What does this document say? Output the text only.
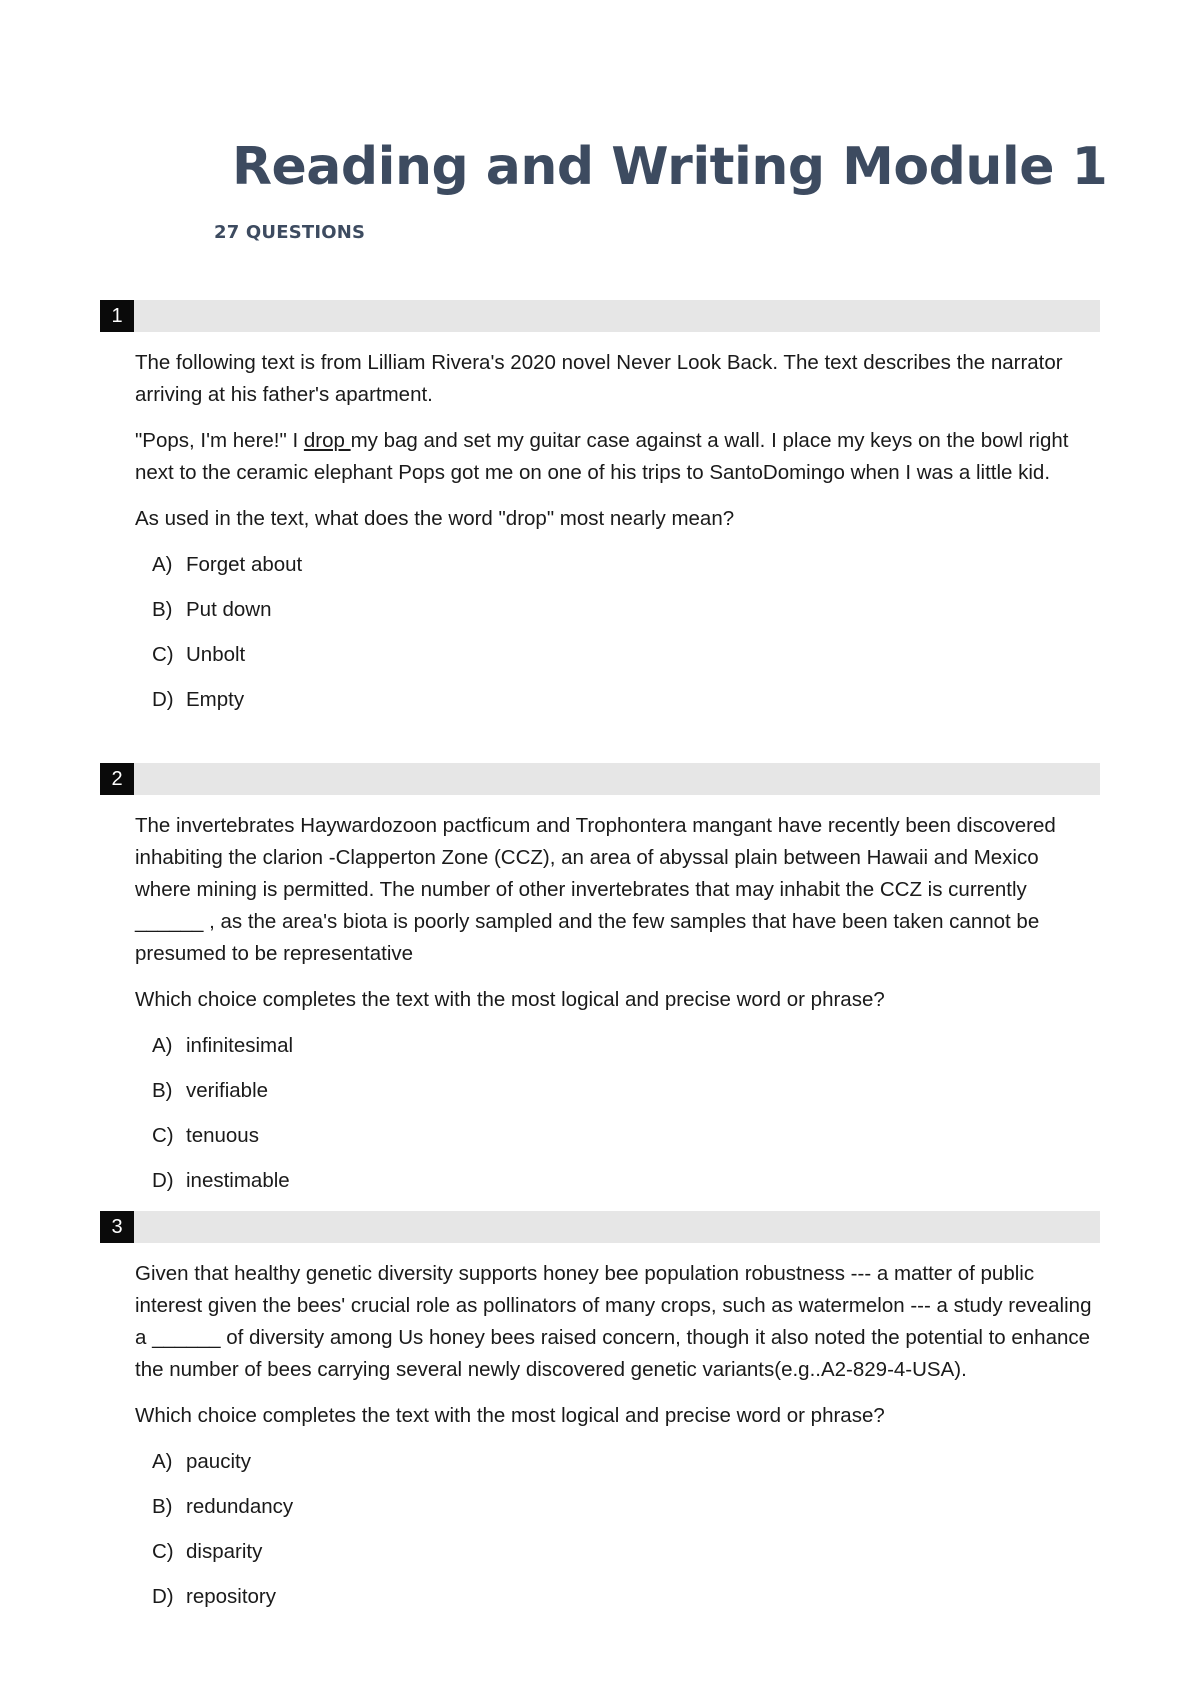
Reading and Writing Module 1
27 QUESTIONS
1

The following text is from Lilliam Rivera's 2020 novel Never Look Back. The text describes the narrator arriving at his father's apartment.

"Pops, I'm here!" I drop my bag and set my guitar case against a wall. I place my keys on the bowl right next to the ceramic elephant Pops got me on one of his trips to SantoDomingo when I was a little kid.

As used in the text, what does the word "drop" most nearly mean?

A) Forget about
B) Put down
C) Unbolt
D) Empty
2

The invertebrates Haywardozoon pactficum and Trophontera mangant have recently been discovered inhabiting the clarion -Clapperton Zone (CCZ), an area of abyssal plain between Hawaii and Mexico where mining is permitted. The number of other invertebrates that may inhabit the CCZ is currently ______ , as the area's biota is poorly sampled and the few samples that have been taken cannot be presumed to be representative

Which choice completes the text with the most logical and precise word or phrase?

A) infinitesimal
B) verifiable
C) tenuous
D) inestimable
3

Given that healthy genetic diversity supports honey bee population robustness --- a matter of public interest given the bees' crucial role as pollinators of many crops, such as watermelon --- a study revealing a ______ of diversity among Us honey bees raised concern, though it also noted the potential to enhance the number of bees carrying several newly discovered genetic variants(e.g..A2-829-4-USA).

Which choice completes the text with the most logical and precise word or phrase?

A) paucity
B) redundancy
C) disparity
D) repository
